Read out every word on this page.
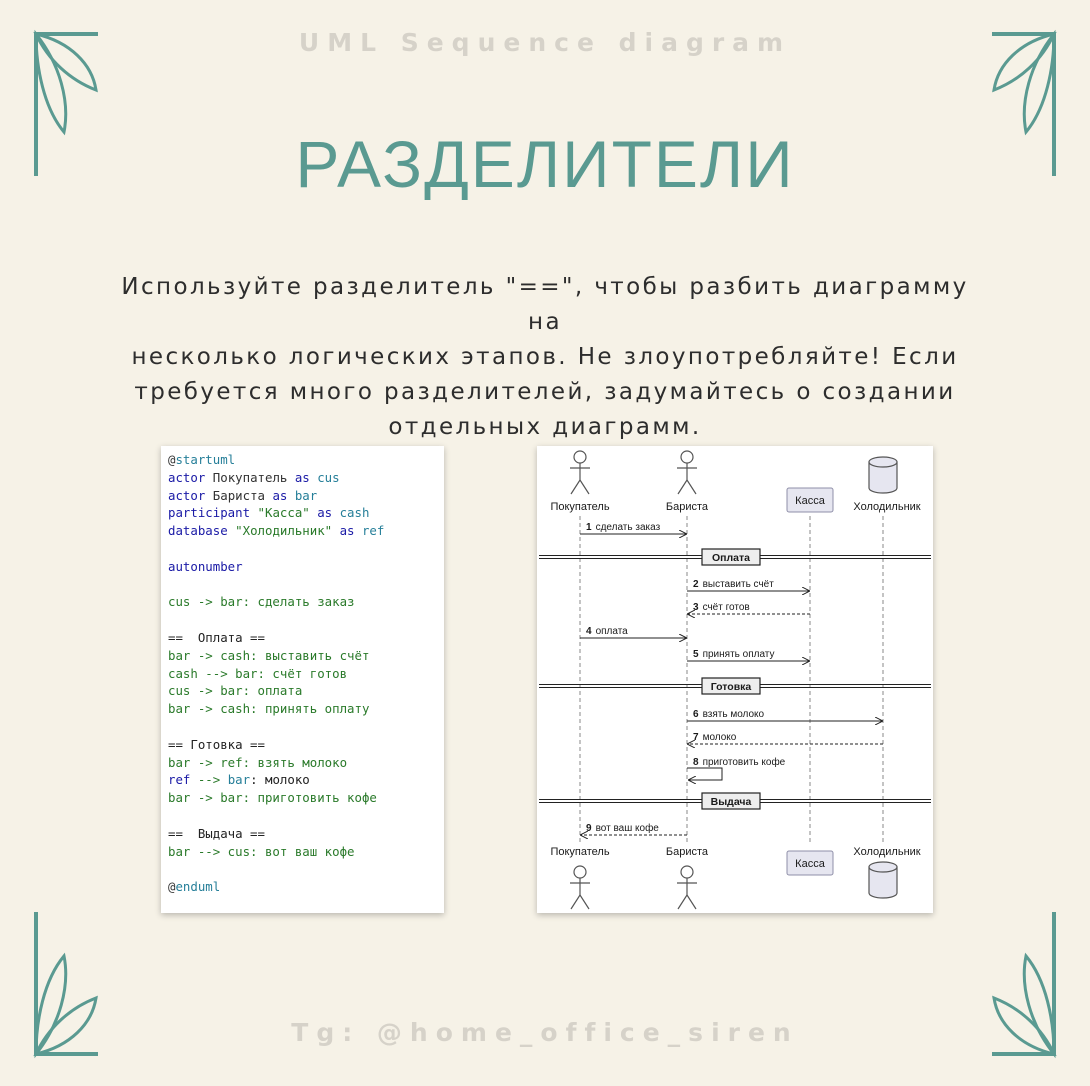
UML Sequence diagram
РАЗДЕЛИТЕЛИ
Используйте разделитель "==", чтобы разбить диаграмму на
несколько логических этапов. Не злоупотребляйте! Если
требуется много разделителей, задумайтесь о создании
отдельных диаграмм.
@startuml
actor Покупатель as cus
actor Бариста as bar
participant "Касса" as cash
database "Холодильник" as ref
autonumber
cus -> bar: сделать заказ
==  Оплата ==
bar -> cash: выставить счёт
cash --> bar: счёт готов
cus -> bar: оплата
bar -> cash: принять оплату
== Готовка ==
bar -> ref: взять молоко
ref --> bar: молоко
bar -> bar: приготовить кофе
==  Выдача ==
bar --> cus: вот ваш кофе
@enduml
Покупатель	Бариста	Касса	Холодильник
Покупатель	Бариста
Касса
Холодильник
1 сделать заказ
Оплата
2 выставить счёт
3 счёт готов
4 оплата
5 принять оплату
Готовка
6 взять молоко
7 молоко
8 приготовить кофе
Выдача
9 вот ваш кофе
Tg: @home_office_siren
